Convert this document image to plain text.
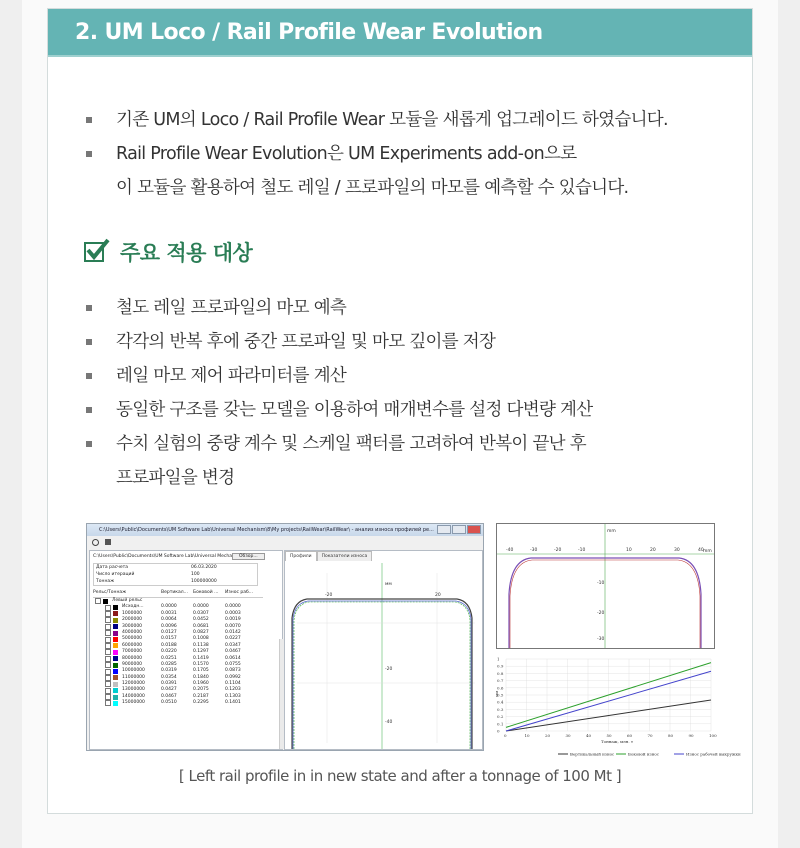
2. UM Loco / Rail Profile Wear Evolution
기존 UM의 Loco / Rail Profile Wear 모듈을 새롭게 업그레이드 하였습니다.
Rail Profile Wear Evolution은 UM Experiments add-on으로
이 모듈을 활용하여 철도 레일 / 프로파일의 마모를 예측할 수 있습니다.
주요 적용 대상
철도 레일 프로파일의 마모 예측
각각의 반복 후에 중간 프로파일 및 마모 깊이를 저장
레일 마모 제어 파라미터를 계산
동일한 구조를 갖는 모델을 이용하여 매개변수를 설정 다변량 계산
수치 실험의 중량 계수 및 스케일 팩터를 고려하여 반복이 끝난 후
프로파일을 변경
C:\Users\Public\Documents\UM Software Lab\Universal Mechanism\8\My projects\RailWear\RailWear\ - анализ износа профилей ре...
C:\Users\Public\Documents\UM Software Lab\Universal Mecha	Обзор...
Дата расчета	06.03.2020
Число итераций	100
Тоннаж	100000000
Рельс/Тоннаж	Вертикал...	Боковой ...	Износ раб...
Левый рельс
Исходн...	0.0000	0.0000	0.0000
1000000	0.0031	0.0307	0.0003
2000000	0.0064	0.0452	0.0019
3000000	0.0096	0.0681	0.0070
4000000	0.0127	0.0827	0.0142
5000000	0.0157	0.1008	0.0227
6000000	0.0188	0.1138	0.0347
7000000	0.0220	0.1297	0.0467
8000000	0.0251	0.1419	0.0614
9000000	0.0285	0.1570	0.0755
10000000	0.0319	0.1705	0.0873
11000000	0.0354	0.1840	0.0992
12000000	0.0391	0.1960	0.1104
13000000	0.0427	0.2075	0.1203
14000000	0.0467	0.2187	0.1303
15000000	0.0510	0.2295	0.1401
Профили	Показатели износа
мм
-20	20
-20
-40
-40	-30	-20	-10	10	20	30	40
-10
-20
-30
mm
mm
0	10	20	30	40	50	60	70	80	90	100
1
0.9
0.8
0.7
0.6
0.5
0.4
0.3
0.2
0.1
0
Тоннаж, млн. т
мм
Вертикальный износ	Боковой износ	Износ рабочей выкружки
[ Left rail profile in in new state and after a tonnage of 100 Mt ]
